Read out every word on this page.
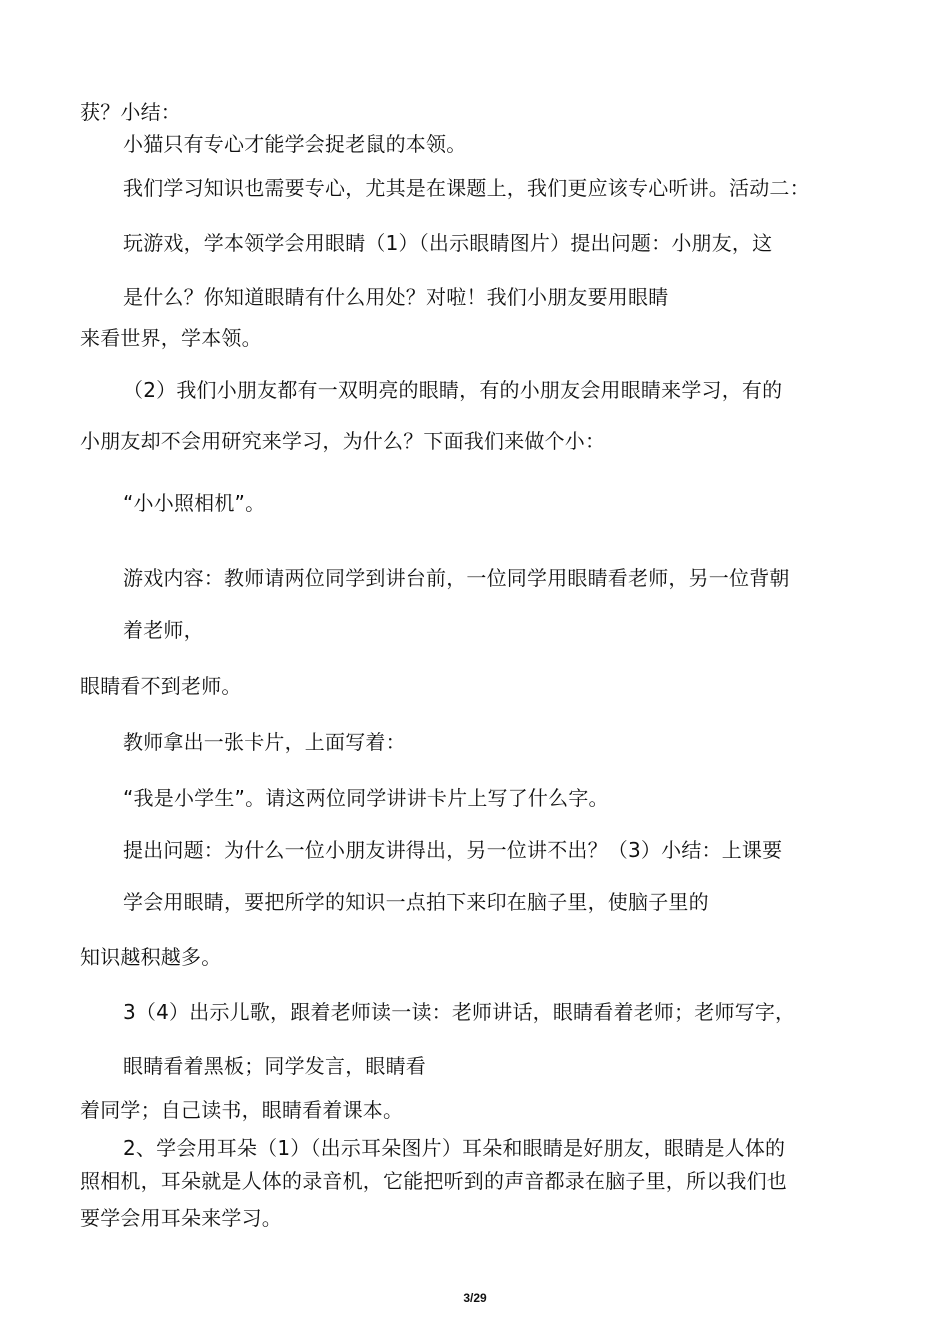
获？小结：
小猫只有专心才能学会捉老鼠的本领。
我们学习知识也需要专心，尤其是在课题上，我们更应该专心听讲。活动二：
玩游戏，学本领学会用眼睛（1）（出示眼睛图片）提出问题：小朋友，这
是什么？你知道眼睛有什么用处？对啦！我们小朋友要用眼睛
来看世界，学本领。
（2）我们小朋友都有一双明亮的眼睛，有的小朋友会用眼睛来学习，有的
小朋友却不会用研究来学习，为什么？下面我们来做个小：
“小小照相机”。
游戏内容：教师请两位同学到讲台前，一位同学用眼睛看老师，另一位背朝
着老师，
眼睛看不到老师。
教师拿出一张卡片，上面写着：
“我是小学生”。请这两位同学讲讲卡片上写了什么字。
提出问题：为什么一位小朋友讲得出，另一位讲不出？（3）小结：上课要
学会用眼睛，要把所学的知识一点拍下来印在脑子里，使脑子里的
知识越积越多。
3（4）出示儿歌，跟着老师读一读：老师讲话，眼睛看着老师；老师写字，
眼睛看着黑板；同学发言，眼睛看
着同学；自己读书，眼睛看着课本。
2、学会用耳朵（1）（出示耳朵图片）耳朵和眼睛是好朋友，眼睛是人体的
照相机，耳朵就是人体的录音机，它能把听到的声音都录在脑子里，所以我们也
要学会用耳朵来学习。
3/29
